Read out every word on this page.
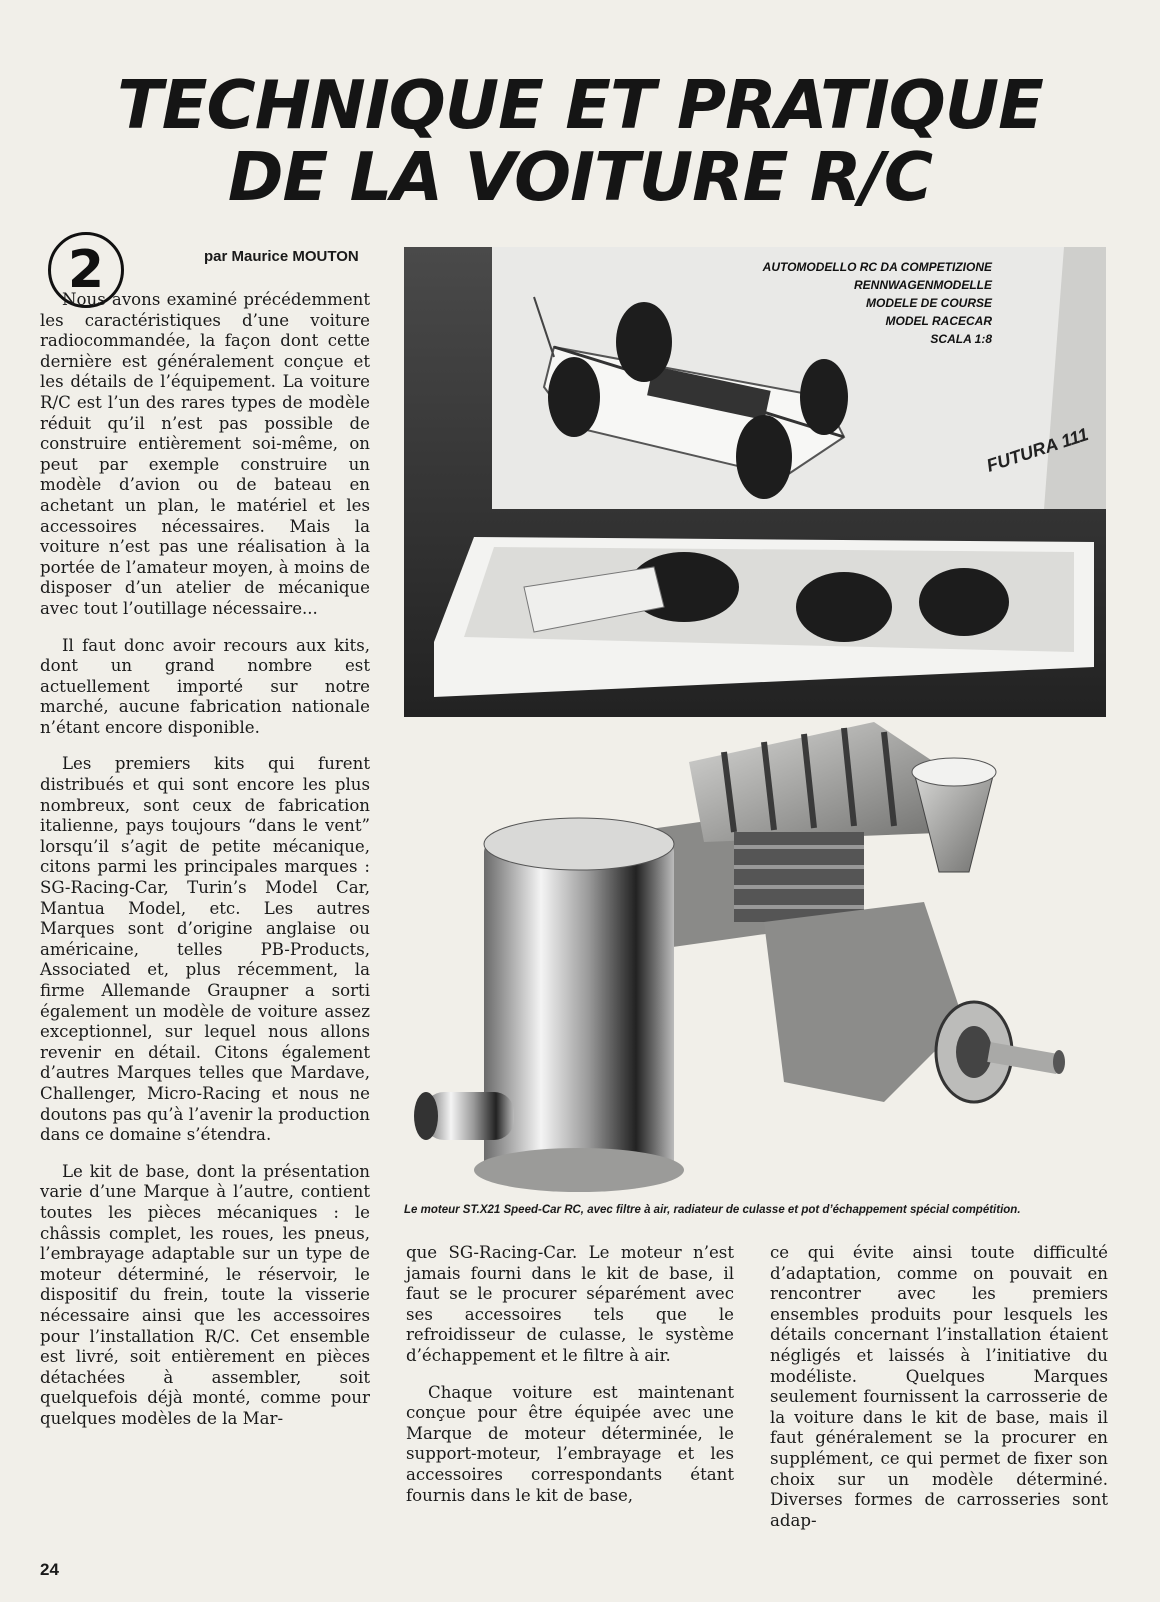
TECHNIQUE ET PRATIQUE
DE LA VOITURE R/C
2	par Maurice MOUTON

Nous avons examiné précédemment les caractéristiques d’une voiture radiocommandée, la façon dont cette dernière est généralement conçue et les détails de l’équipement. La voiture R/C est l’un des rares types de modèle réduit qu’il n’est pas possible de construire entièrement soi-même, on peut par exemple construire un modèle d’avion ou de bateau en achetant un plan, le matériel et les accessoires nécessaires. Mais la voiture n’est pas une réalisation à la portée de l’amateur moyen, à moins de disposer d’un atelier de mécanique avec tout l’outillage nécessaire...

Il faut donc avoir recours aux kits, dont un grand nombre est actuellement importé sur notre marché, aucune fabrication nationale n’étant encore disponible.

Les premiers kits qui furent distribués et qui sont encore les plus nombreux, sont ceux de fabrication italienne, pays toujours “dans le vent” lorsqu’il s’agit de petite mécanique, citons parmi les principales marques : SG-Racing-Car, Turin’s Model Car, Mantua Model, etc. Les autres Marques sont d’origine anglaise ou américaine, telles PB-Products, Associated et, plus récemment, la firme Allemande Graupner a sorti également un modèle de voiture assez exceptionnel, sur lequel nous allons revenir en détail. Citons également d’autres Marques telles que Mardave, Challenger, Micro-Racing et nous ne doutons pas qu’à l’avenir la production dans ce domaine s’étendra.

Le kit de base, dont la présentation varie d’une Marque à l’autre, contient toutes les pièces mécaniques : le châssis complet, les roues, les pneus, l’embrayage adaptable sur un type de moteur déterminé, le réservoir, le dispositif du frein, toute la visserie nécessaire ainsi que les accessoires pour l’installation R/C. Cet ensemble est livré, soit entièrement en pièces détachées à assembler, soit quelquefois déjà monté, comme pour quelques modèles de la Mar-

AUTOMODELLO RC DA COMPETIZIONE
RENNWAGENMODELLE
MODELE DE COURSE
MODEL RACECAR
SCALA 1:8
FUTURA 111
Le moteur ST.X21 Speed-Car RC, avec filtre à air, radiateur de culasse et pot d’échappement spécial compétition.

que SG-Racing-Car. Le moteur n’est jamais fourni dans le kit de base, il faut se le procurer séparément avec ses accessoires tels que le refroidisseur de culasse, le système d’échappement et le filtre à air.

Chaque voiture est maintenant conçue pour être équipée avec une Marque de moteur déterminée, le support-moteur, l’embrayage et les accessoires correspondants étant fournis dans le kit de base,

ce qui évite ainsi toute difficulté d’adaptation, comme on pouvait en rencontrer avec les premiers ensembles produits pour lesquels les détails concernant l’installation étaient négligés et laissés à l’initiative du modéliste. Quelques Marques seulement fournissent la carrosserie de la voiture dans le kit de base, mais il faut généralement se la procurer en supplément, ce qui permet de fixer son choix sur un modèle déterminé. Diverses formes de carrosseries sont adap-

24
